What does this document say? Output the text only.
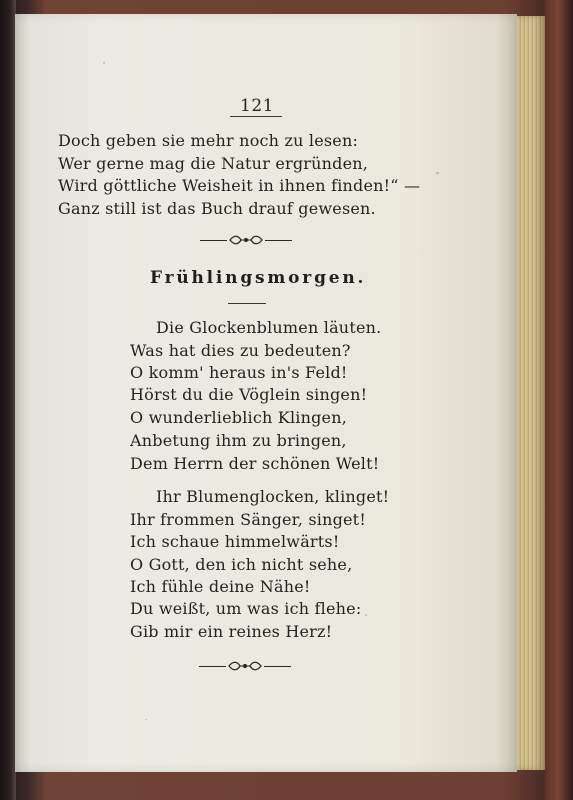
121

Doch geben sie mehr noch zu lesen:

Wer gerne mag die Natur ergründen,

Wird göttliche Weisheit in ihnen finden!“ —

Ganz still ist das Buch drauf gewesen.

Frühlingsmorgen.

Die Glockenblumen läuten.

Was hat dies zu bedeuten?

O komm' heraus in's Feld!

Hörst du die Vöglein singen!

O wunderlieblich Klingen,

Anbetung ihm zu bringen,

Dem Herrn der schönen Welt!

Ihr Blumenglocken, klinget!

Ihr frommen Sänger, singet!

Ich schaue himmelwärts!

O Gott, den ich nicht sehe,

Ich fühle deine Nähe!

Du weißt, um was ich flehe:

Gib mir ein reines Herz!
